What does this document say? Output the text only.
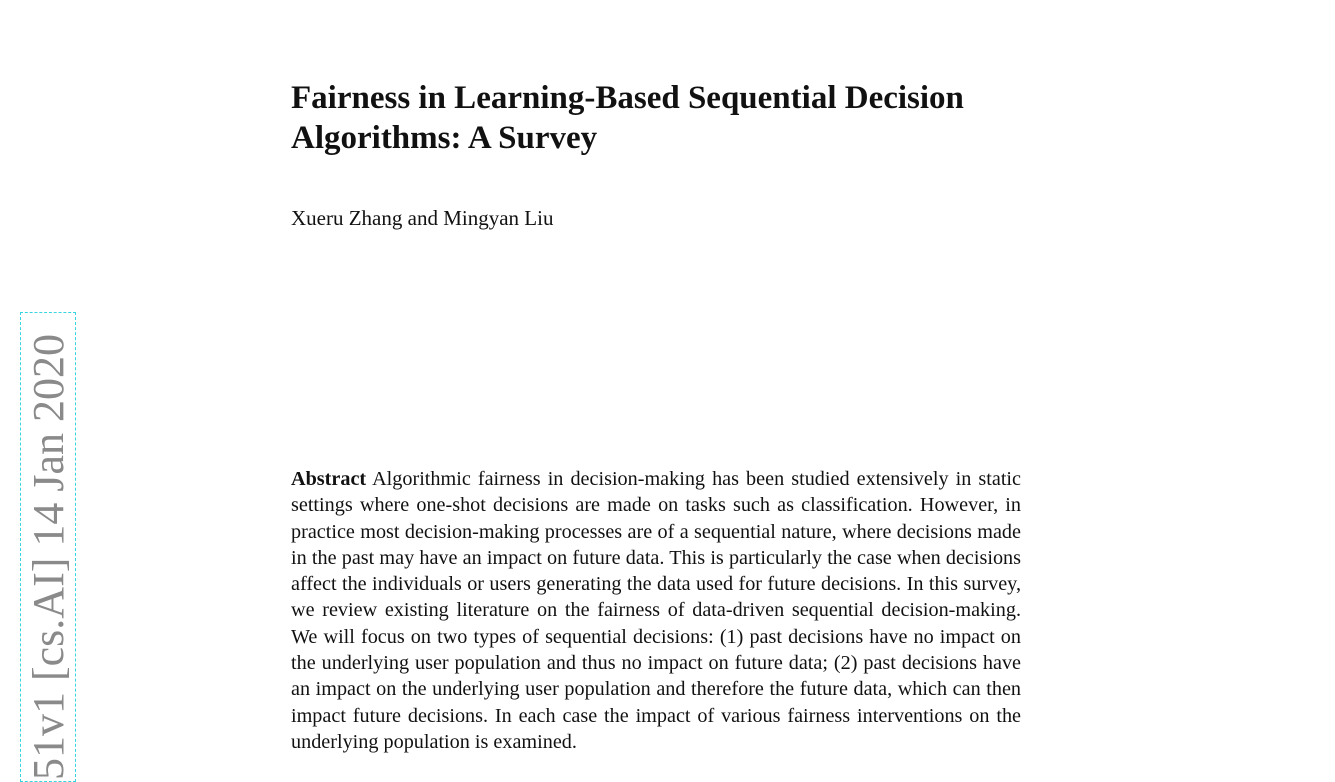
Fairness in Learning-Based Sequential Decision
Algorithms: A Survey

Xueru Zhang and Mingyan Liu

Abstract Algorithmic fairness in decision-making has been studied extensively in static settings where one-shot decisions are made on tasks such as classification. However, in practice most decision-making processes are of a sequential nature, where decisions made in the past may have an impact on future data. This is particularly the case when decisions affect the individuals or users generating the data used for future decisions. In this survey, we review existing literature on the fairness of data-driven sequential decision-making. We will focus on two types of sequential decisions: (1) past decisions have no impact on the underlying user population and thus no impact on future data; (2) past decisions have an impact on the underlying user population and therefore the future data, which can then impact future decisions. In each case the impact of various fairness interventions on the underlying population is examined.

51v1 [cs.AI] 14 Jan 2020
